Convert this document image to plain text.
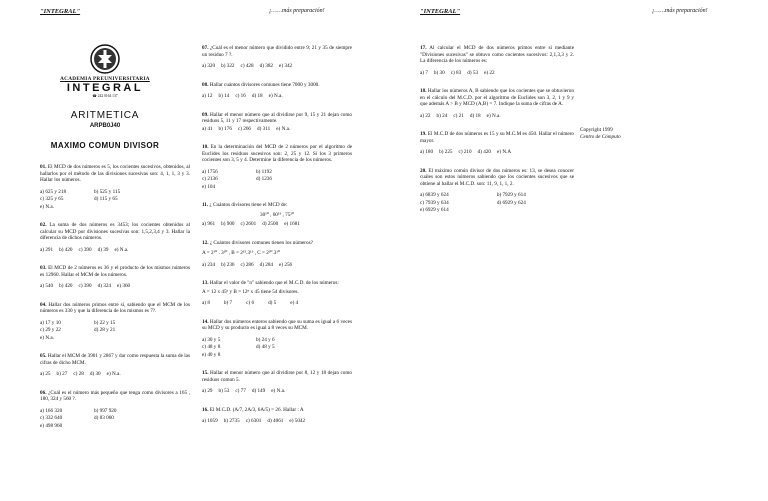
"INTEGRAL"	¡……más preparación!
ACADEMIA PREUNIVERSITARIA
INTEGRAL
☎ 242 0164 137
ARITMETICA
ARPB0J40
MAXIMO COMUN DIVISOR
01. El MCD de dos números es 5, los cocientes sucesivos, obtenidos, al hallarlos por el método de las divisiones sucesivas son: 4, 1, 1, 3 y 3. Hallar los números.
a) 625 y 218	b) 525 y 115
c) 325 y 65	d) 115 y 65
e) N.a.
02. La suma de dos números es 3453; los cocientes obtenidos al calcular su MCD por divisiones sucesivas son: 1,5,2,3,4 y 3. Hallar la diferencia de dichos números.
a) 291 b) 420 c) 390 d) 39 e) N.a.
03. El MCD de 2 números es 36 y el producto de los mismos números es 12960. Hallar el MCM de los números.
a) 540 b) 420 c) 390 d) 324 e) 360
04. Hallar dos números primos entre sí, sabiendo que el MCM de los números es 330 y que la diferencia de los mismos es 7?.
a) 17 y 10	b) 22 y 15
c) 29 y 22	d) 28 y 21
e) N.a.
05. Hallar el MCM de 3901 y 2867 y dar como respuesta la suma de las cifras de dicho MCM.
a) 25 b) 27 c) 28 d) 30 e) N.a.
06. ¿Cuál es el número más pequeño que tenga como divisores a 165 , 180, 324 y 560 ?.
a) 166 320	b) 997 920
c) 332 640	d) 83 060
e) 498 960
07. ¿Cuál es el menor número que dividido entre 9; 21 y 35 de siempre un residuo 7 ?.
a) 320 b) 322 c) 428 d) 382 e) 342
08. Hallar cuántos divisores comunes tiene 7000 y 3000.
a) 12 b) 14 c) 16 d) 18 e) N.a.
09. Hallar el menor número que al dividirse por 9, 15 y 21 dejan como residuos 5, 11 y 17 respectivamente.
a) 41 b) 176 c) 266 d) 311 e) N.a.
10. En la determinación del MCD de 2 números por el algoritmo de Euclides los residuos sucesivos son: 2, 25 y 12. Si los 3 primeros cocientes son 3, 5 y 4. Determine la diferencia de los números.
a) 1756	b) 1192
c) 2136	d) 1236
e) 104
11. ¿ Cuántos divisores tiene el MCD de:
30¹⁰ , 60¹⁵ , 75²⁰
a) 961 b) 900 c) 2601 d) 2500 e) 1681
12. ¿ Cuántos divisores comunes tienen los números?
A = 2¹⁰ . 3²⁰ , B = 2¹⁵.3¹⁵ , C = 2²⁰.3¹⁰
a) 234 b) 236 c) 286 d) 284 e) 256
13. Hallar el valor de "n" sabiendo que el M.C.D. de los números:
A = 12 x 45ⁿ y B = 12ⁿ x 45 tiene 54 divisores.
a) 8	b) 7	c) 6	d) 5	e) 4
14. Hallar dos números enteros sabiendo que su suma es igual a 6 veces su MCD y su producto es igual a 8 veces su MCM.
a) 30 y 5	b) 24 y 6
c) 48 y 8	d) 48 y 5
e) 40 y 8
15. Hallar el menor número que al dividirse por 8, 12 y 18 dejan como residuos comun 5.
a) 29 b) 53 c) 77 d) 149 e) N.a.
16. El M.C.D. (A/7, 2A/3, 6A/5) = 26. Hallar : A
a) 1059 b) 2735 c) 6301 d) 4061 e) 5042
"INTEGRAL"	¡……más preparación!
17. Al calcular el MCD de dos números primos entre sí mediante "Divisiones sucesivas" se obtuvo como cocientes sucesivos: 2,1,3,3 y 2. La diferencia de los números es:
a) 7 b) 30 c) 83 d) 53 e) 22
18. Hallar los números A, B sabiendo que los cocientes que se obtuvieron en el cálculo del M.C.D. por el algoritmo de Euclides son 3, 2, 1 y 9 y que además A > B y MCD (A,B) = 7. Indique la suma de cifras de A.
a) 22 b) 24 c) 21 d) 18 e) N.a.
19. El M.C.D de dos números es 15 y su M.C.M es 450. Hallar el número mayor.
a) 180 b) 225 c) 210 d) 420 e) N.A
20. El máximo común divisor de dos números es: 13, se desea conocer cuáles son estos números sabiendo que los cocientes sucesivos que se obtiene al hallar el M.C.D. son: 11, 9, 1, 1, 2.
a) 6839 y 624	b) 7929 y 614
c) 7939 y 634	d) 6929 y 624
e) 6929 y 614
Copyright 1999
Centro de Cómputo
